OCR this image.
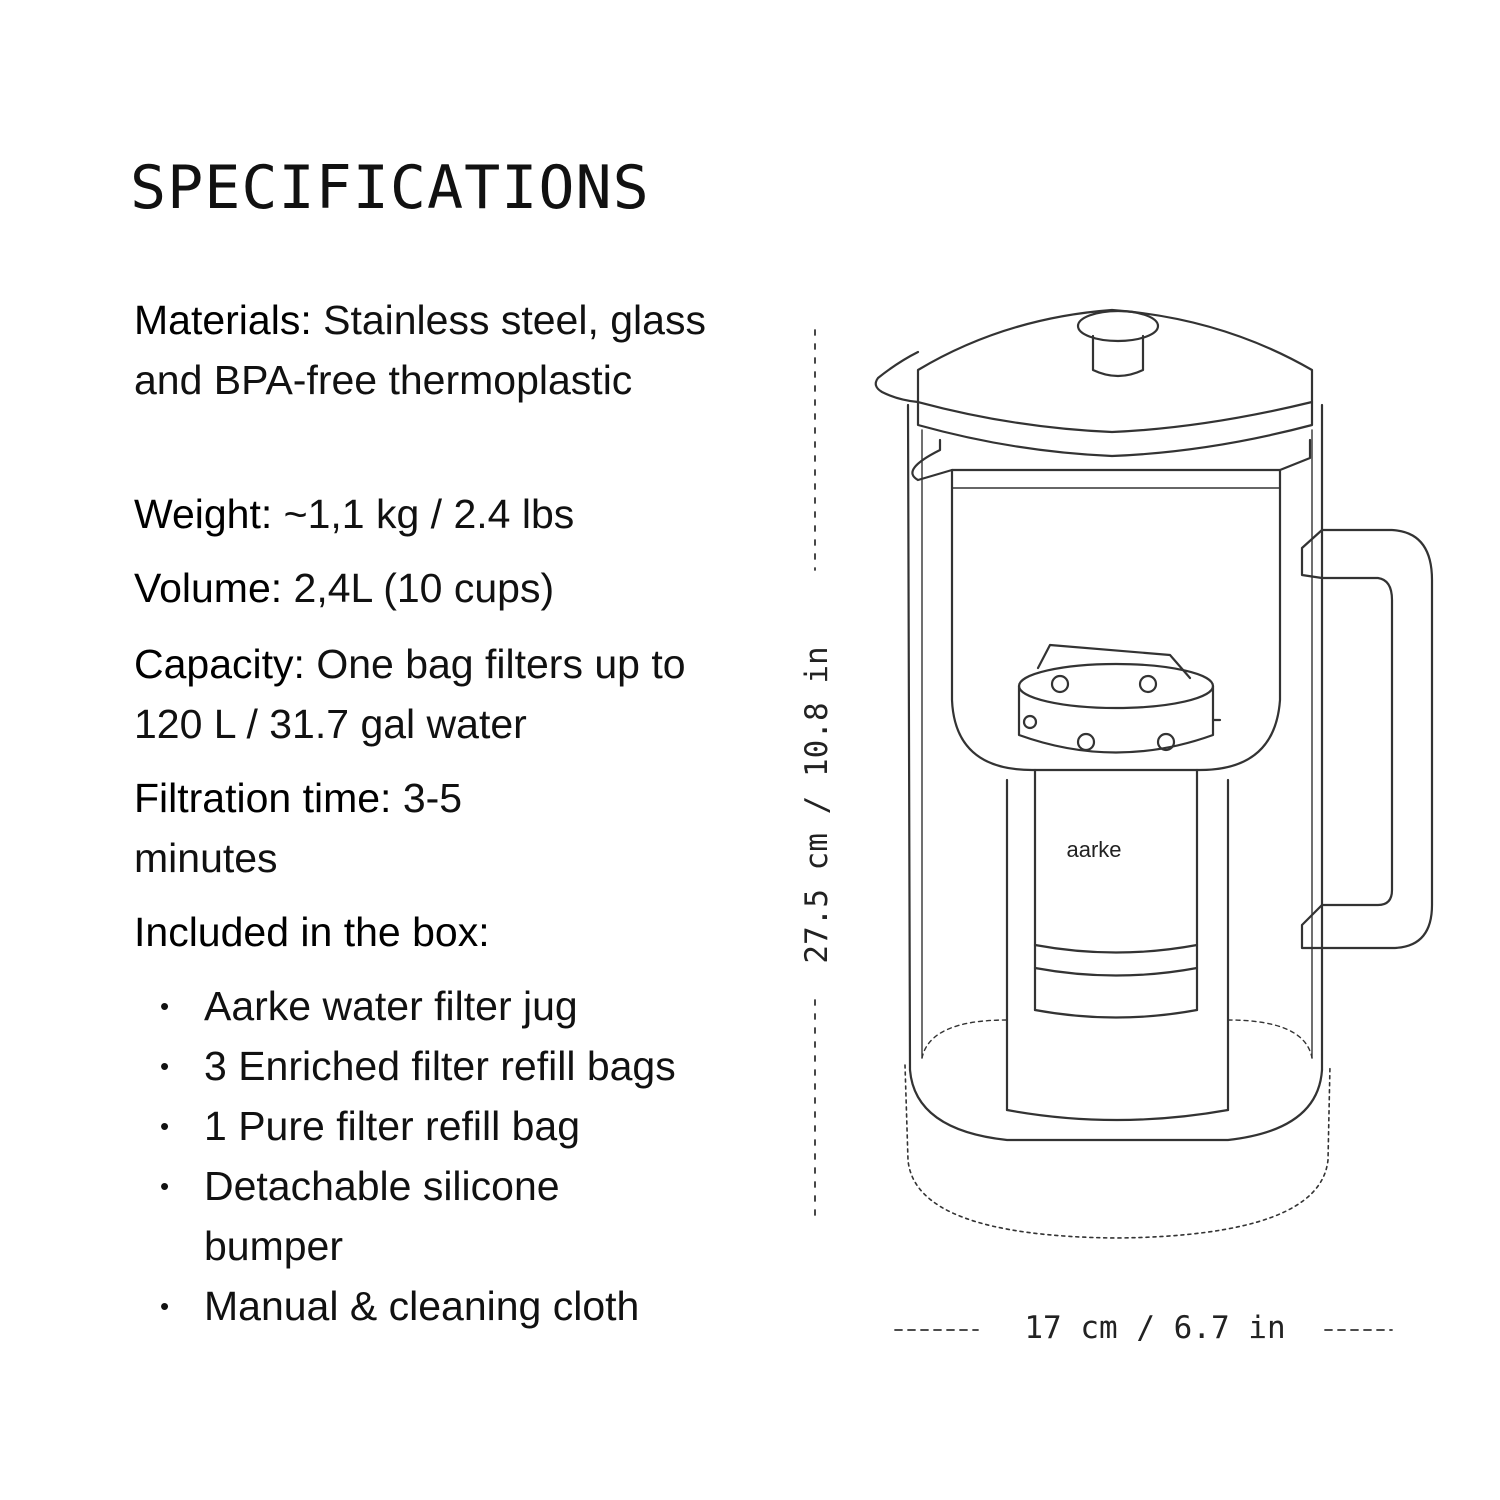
SPECIFICATIONS

Materials: Stainless steel, glass and BPA-free thermoplastic

Weight: ~1,1 kg / 2.4 lbs

Volume: 2,4L (10 cups)

Capacity: One bag filters up to 120 L / 31.7 gal water

Filtration time: 3-5 minutes

Included in the box:

• Aarke water filter jug
• 3 Enriched filter refill bags
• 1 Pure filter refill bag
• Detachable silicone bumper
• Manual & cleaning cloth
aarke
27.5 cm / 10.8 in
17 cm / 6.7 in
